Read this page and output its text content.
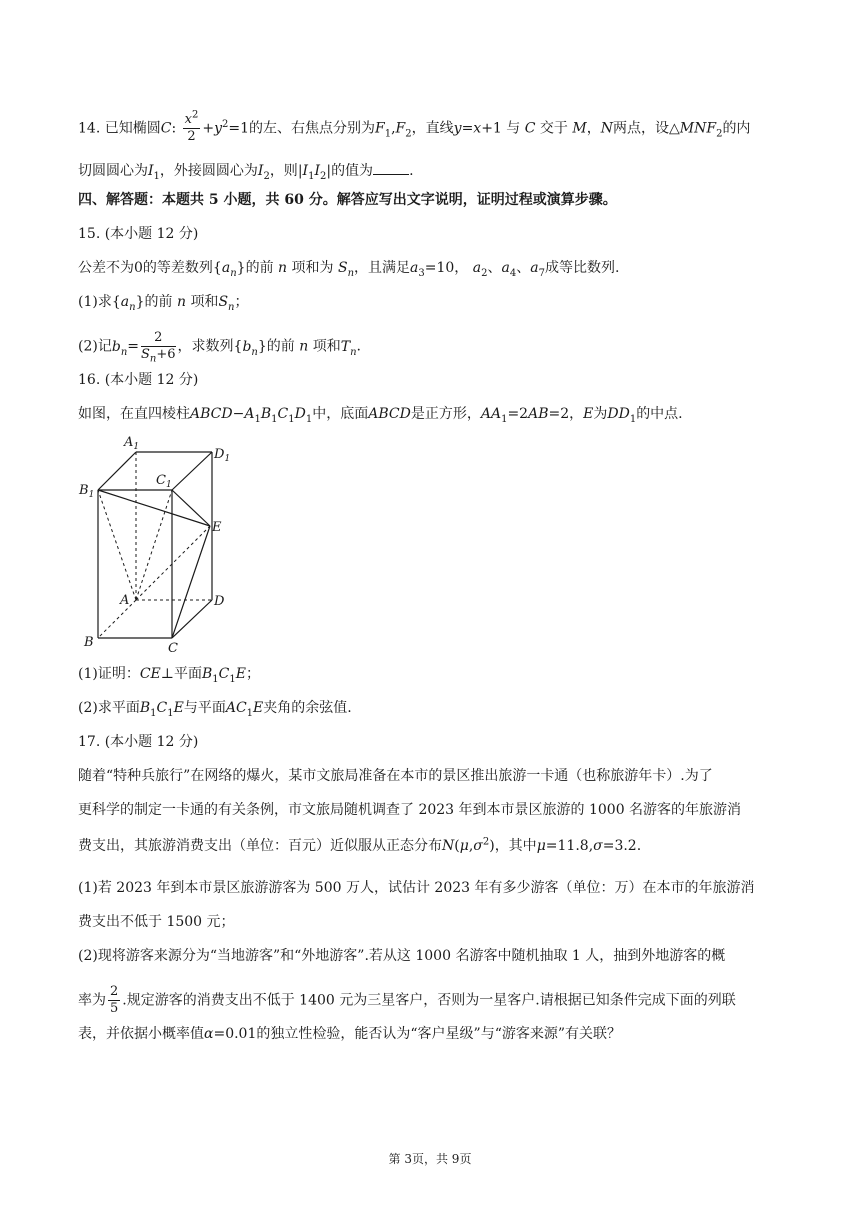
14. 已知椭圆C: $\frac{x^2}{2} +y^2=1$的左、右焦点分别为$F_1,F_2$，直线y=x+1 与 C 交于 M，N两点，设$\triangle MNF_2$的内
切圆圆心为$I_1$，外接圆圆心为$I_2$，则$|I_1I_2|$的值为	.
四、解答题：本题共 5 小题，共 60 分。解答应写出文字说明，证明过程或演算步骤。
15. (本小题 12 分)
公差不为0的等差数列$\{a_n\}$的前 n 项和为 $S_n$，且满足$a_3=10$， $a_2$、$a_4$、$a_7$成等比数列.
(1)求$\{a_n\}$的前 n 项和$S_n$；
(2)记$b_n= \frac{2}{S_n+6}$ ，求数列$\{b_n\}$的前 n 项和$T_n$.
16. (本小题 12 分)
如图，在直四棱柱$ABCD-A_1B_1C_1D_1$中，底面ABCD是正方形，$AA_1=2AB=2$，E为$DD_1$的中点.
$A_1$	$D_1$
$B_1$
$C_1$
E
A	D
B	C
(1)证明：CE⊥平面$B_1C_1E$；
(2)求平面$B_1C_1E$与平面$AC_1E$夹角的余弦值.
17. (本小题 12 分)
随着“特种兵旅行”在网络的爆火，某市文旅局准备在本市的景区推出旅游一卡通（也称旅游年卡）.为了
更科学的制定一卡通的有关条例，市文旅局随机调查了 2023 年到本市景区旅游的 1000 名游客的年旅游消
费支出，其旅游消费支出（单位：百元）近似服从正态分布$N(\mu,\sigma^2)$，其中μ=11.8,σ=3.2.
(1)若 2023 年到本市景区旅游游客为 500 万人，试估计 2023 年有多少游客（单位：万）在本市的年旅游消
费支出不低于 1500 元；
(2)现将游客来源分为“当地游客”和“外地游客”.若从这 1000 名游客中随机抽取 1 人，抽到外地游客的概
率为 $\frac{2}{5}$ .规定游客的消费支出不低于 1400 元为三星客户，否则为一星客户.请根据已知条件完成下面的列联
表，并依据小概率值α=0.01的独立性检验，能否认为“客户星级”与“游客来源”有关联？
第 3页，共 9页
